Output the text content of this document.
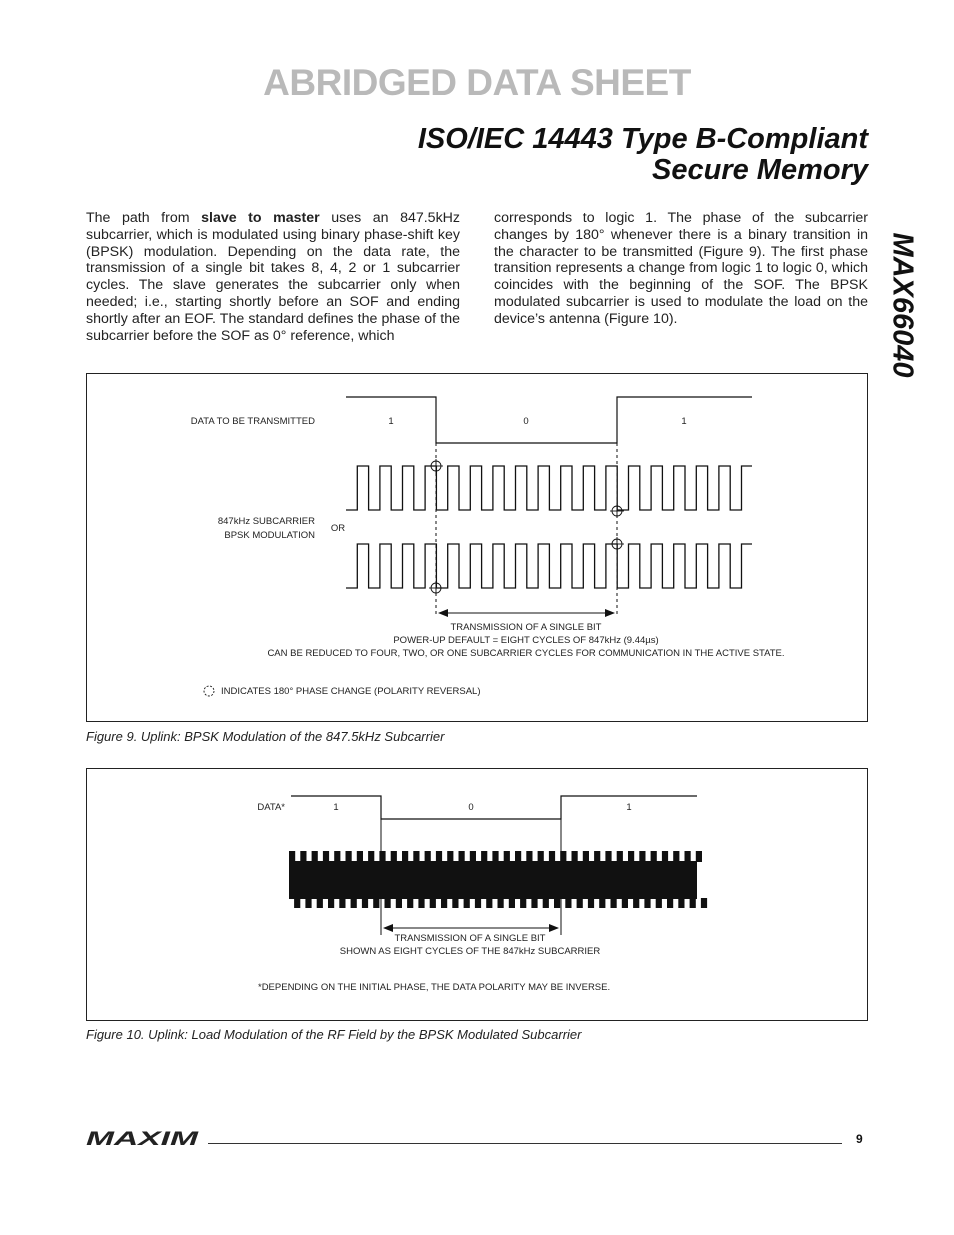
ABRIDGED DATA SHEET
ISO/IEC 14443 Type B-Compliant
Secure Memory
MAX66040
The path from slave to master uses an 847.5kHz subcarrier, which is modulated using binary phase-shift key (BPSK) modulation. Depending on the data rate, the transmission of a single bit takes 8, 4, 2 or 1 subcarrier cycles. The slave generates the subcarrier only when needed; i.e., starting shortly before an SOF and ending shortly after an EOF. The standard defines the phase of the subcarrier before the SOF as 0° reference, which
corresponds to logic 1. The phase of the subcarrier changes by 180° whenever there is a binary transition in the character to be transmitted (Figure 9). The first phase transition represents a change from logic 1 to logic 0, which coincides with the beginning of the SOF. The BPSK modulated subcarrier is used to modulate the load on the device’s antenna (Figure 10).
DATA TO BE TRANSMITTED	1	0	1
847kHz SUBCARRIER
BPSK MODULATION
OR
TRANSMISSION OF A SINGLE BIT
POWER-UP DEFAULT = EIGHT CYCLES OF 847kHz (9.44µs)
CAN BE REDUCED TO FOUR, TWO, OR ONE SUBCARRIER CYCLES FOR COMMUNICATION IN THE ACTIVE STATE.
INDICATES 180° PHASE CHANGE (POLARITY REVERSAL)
Figure 9. Uplink: BPSK Modulation of the 847.5kHz Subcarrier
DATA*	1	0	1
TRANSMISSION OF A SINGLE BIT
SHOWN AS EIGHT CYCLES OF THE 847kHz SUBCARRIER
*DEPENDING ON THE INITIAL PHASE, THE DATA POLARITY MAY BE INVERSE.
Figure 10. Uplink: Load Modulation of the RF Field by the BPSK Modulated Subcarrier
MAXIM	9
